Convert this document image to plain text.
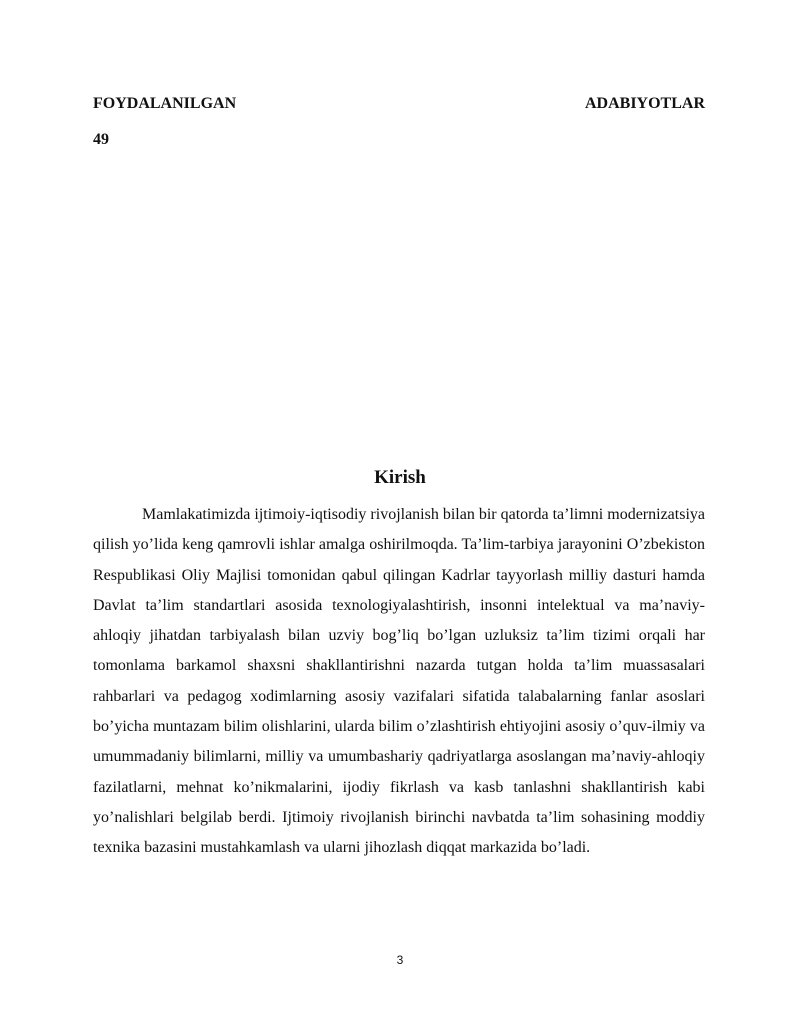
FOYDALANILGAN	ADABIYOTLAR
49
Kirish

Mamlakatimizda ijtimoiy-iqtisodiy rivojlanish bilan bir qatorda ta’limni modernizatsiya qilish yo’lida keng qamrovli ishlar amalga oshirilmoqda. Ta’lim-tarbiya jarayonini O’zbekiston Respublikasi Oliy Majlisi tomonidan qabul qilingan Kadrlar tayyorlash milliy dasturi hamda Davlat ta’lim standartlari asosida texnologiyalashtirish, insonni intelektual va ma’naviy-ahloqiy jihatdan tarbiyalash bilan uzviy bog’liq bo’lgan uzluksiz ta’lim tizimi orqali har tomonlama barkamol shaxsni shakllantirishni nazarda tutgan holda ta’lim muassasalari rahbarlari va pedagog xodimlarning asosiy vazifalari sifatida talabalarning fanlar asoslari bo’yicha muntazam bilim olishlarini, ularda bilim o’zlashtirish ehtiyojini asosiy o’quv-ilmiy va umummadaniy bilimlarni, milliy va umumbashariy qadriyatlarga asoslangan ma’naviy-ahloqiy fazilatlarni, mehnat ko’nikmalarini, ijodiy fikrlash va kasb tanlashni shakllantirish kabi yo’nalishlari belgilab berdi. Ijtimoiy rivojlanish birinchi navbatda ta’lim sohasining moddiy texnika bazasini mustahkamlash va ularni jihozlash diqqat markazida bo’ladi.

3
